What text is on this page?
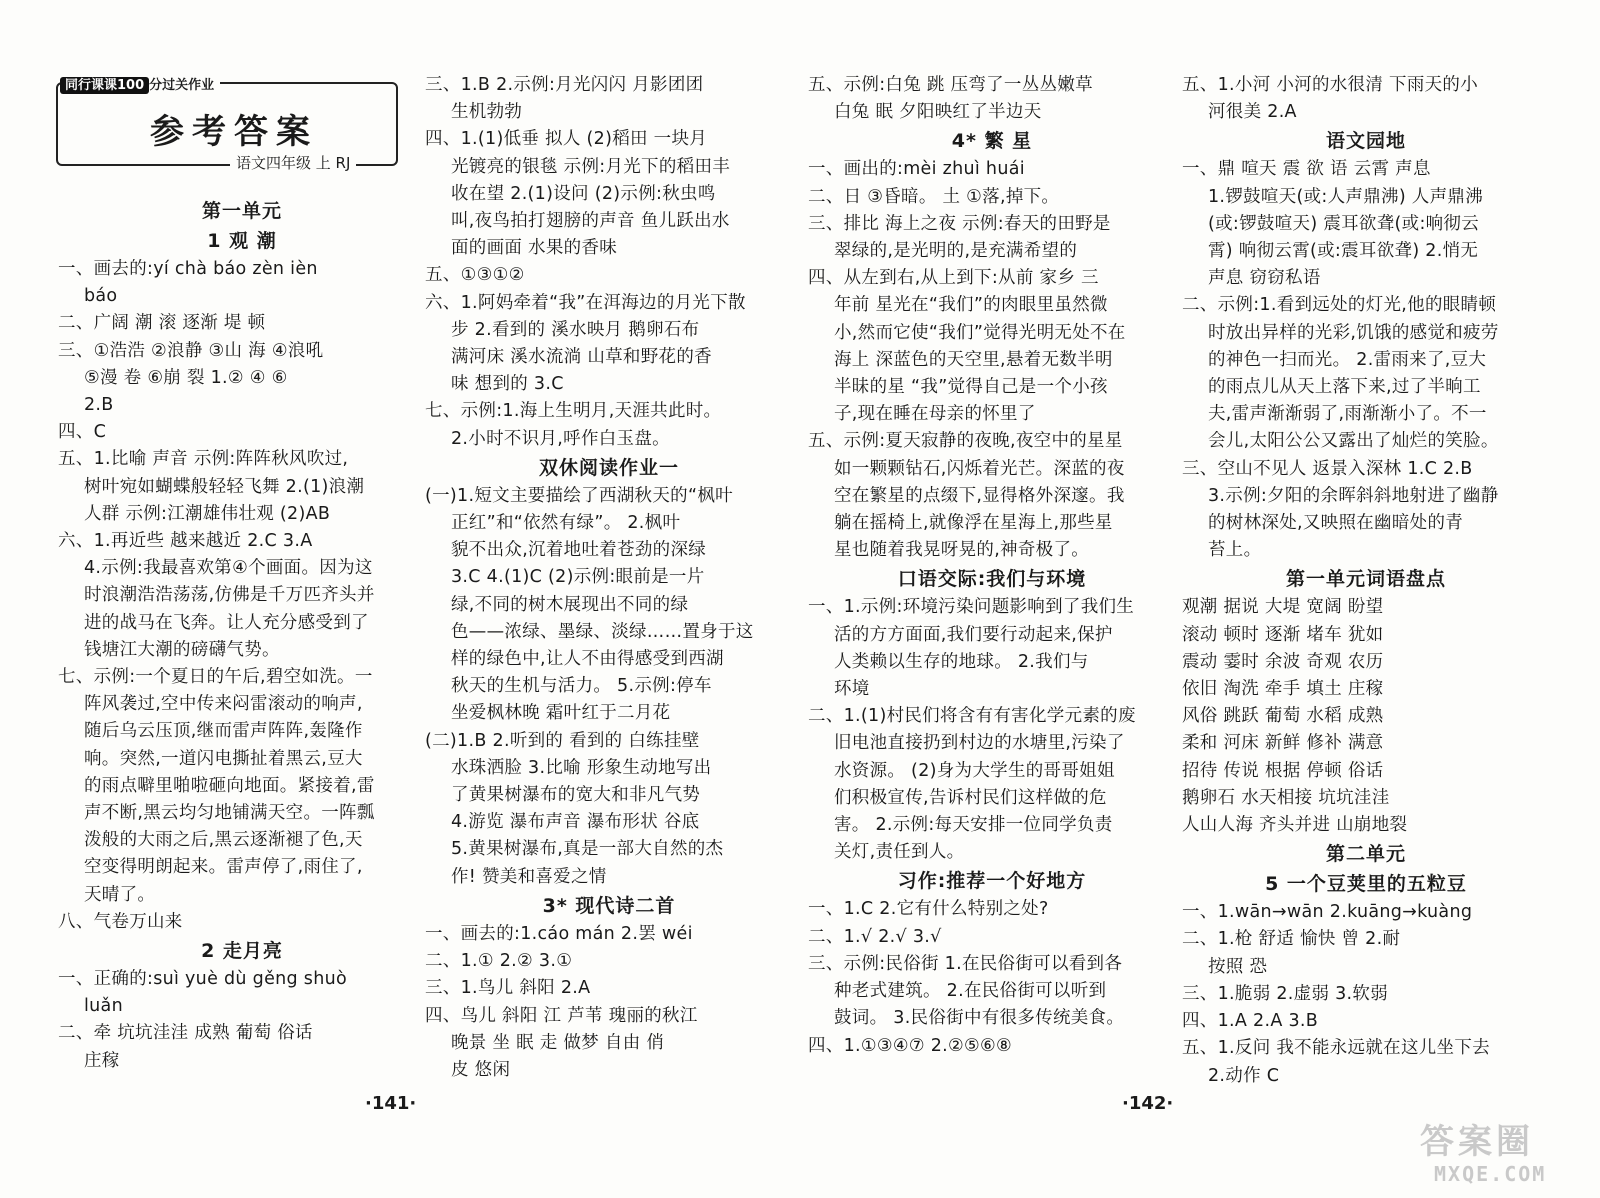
同行课课100 分过关作业
参考答案
语文四年级 上 RJ
第一单元
1 观 潮
一、画去的:yí chà báo zèn ièn
báo
二、广阔 潮 滚 逐渐 堤 顿
三、①浩浩 ②浪静 ③山 海 ④浪吼
⑤漫 卷 ⑥崩 裂 1.② ④ ⑥
2.B
四、C
五、1.比喻 声音 示例:阵阵秋风吹过,
树叶宛如蝴蝶般轻轻飞舞 2.(1)浪潮
人群 示例:江潮雄伟壮观 (2)AB
六、1.再近些 越来越近 2.C 3.A
4.示例:我最喜欢第④个画面。因为这
时浪潮浩浩荡荡,仿佛是千万匹齐头并
进的战马在飞奔。让人充分感受到了
钱塘江大潮的磅礴气势。
七、示例:一个夏日的午后,碧空如洗。一
阵风袭过,空中传来闷雷滚动的响声,
随后乌云压顶,继而雷声阵阵,轰隆作
响。突然,一道闪电撕扯着黑云,豆大
的雨点噼里啪啦砸向地面。紧接着,雷
声不断,黑云均匀地铺满天空。一阵瓢
泼般的大雨之后,黑云逐渐褪了色,天
空变得明朗起来。雷声停了,雨住了,
天晴了。
八、气卷万山来
2 走月亮
一、正确的:suì yuè dù gěng shuò
luǎn
二、牵 坑坑洼洼 成熟 葡萄 俗话
庄稼
三、1.B 2.示例:月光闪闪 月影团团
生机勃勃
四、1.(1)低垂 拟人 (2)稻田 一块月
光镀亮的银毯 示例:月光下的稻田丰
收在望 2.(1)设问 (2)示例:秋虫鸣
叫,夜鸟拍打翅膀的声音 鱼儿跃出水
面的画面 水果的香味
五、①③①②
六、1.阿妈牵着“我”在洱海边的月光下散
步 2.看到的 溪水映月 鹅卵石布
满河床 溪水流淌 山草和野花的香
味 想到的 3.C
七、示例:1.海上生明月,天涯共此时。
2.小时不识月,呼作白玉盘。
双休阅读作业一
(一)1.短文主要描绘了西湖秋天的“枫叶
正红”和“依然有绿”。 2.枫叶
貌不出众,沉着地吐着苍劲的深绿
3.C 4.(1)C (2)示例:眼前是一片
绿,不同的树木展现出不同的绿
色——浓绿、墨绿、淡绿……置身于这
样的绿色中,让人不由得感受到西湖
秋天的生机与活力。 5.示例:停车
坐爱枫林晚 霜叶红于二月花
(二)1.B 2.听到的 看到的 白练挂壁
水珠洒脸 3.比喻 形象生动地写出
了黄果树瀑布的宽大和非凡气势
4.游览 瀑布声音 瀑布形状 谷底
5.黄果树瀑布,真是一部大自然的杰
作! 赞美和喜爱之情
3* 现代诗二首
一、画去的:1.cáo mán 2.罢 wéi
二、1.① 2.② 3.①
三、1.鸟儿 斜阳 2.A
四、鸟儿 斜阳 江 芦苇 瑰丽的秋江
晚景 坐 眠 走 做梦 自由 俏
皮 悠闲
五、示例:白兔 跳 压弯了一丛丛嫩草
白兔 眠 夕阳映红了半边天
4* 繁 星
一、画出的:mèi zhuì huái
二、日 ③昏暗。 土 ①落,掉下。
三、排比 海上之夜 示例:春天的田野是
翠绿的,是光明的,是充满希望的
四、从左到右,从上到下:从前 家乡 三
年前 星光在“我们”的肉眼里虽然微
小,然而它使“我们”觉得光明无处不在
海上 深蓝色的天空里,悬着无数半明
半昧的星 “我”觉得自己是一个小孩
子,现在睡在母亲的怀里了
五、示例:夏天寂静的夜晚,夜空中的星星
如一颗颗钻石,闪烁着光芒。深蓝的夜
空在繁星的点缀下,显得格外深邃。我
躺在摇椅上,就像浮在星海上,那些星
星也随着我晃呀晃的,神奇极了。
口语交际:我们与环境
一、1.示例:环境污染问题影响到了我们生
活的方方面面,我们要行动起来,保护
人类赖以生存的地球。 2.我们与
环境
二、1.(1)村民们将含有有害化学元素的废
旧电池直接扔到村边的水塘里,污染了
水资源。 (2)身为大学生的哥哥姐姐
们积极宣传,告诉村民们这样做的危
害。 2.示例:每天安排一位同学负责
关灯,责任到人。
习作:推荐一个好地方
一、1.C 2.它有什么特别之处?
二、1.√ 2.√ 3.√
三、示例:民俗街 1.在民俗街可以看到各
种老式建筑。 2.在民俗街可以听到
鼓词。 3.民俗街中有很多传统美食。
四、1.①③④⑦ 2.②⑤⑥⑧
五、1.小河 小河的水很清 下雨天的小
河很美 2.A
语文园地
一、鼎 喧天 震 欲 语 云霄 声息
1.锣鼓喧天(或:人声鼎沸) 人声鼎沸
(或:锣鼓喧天) 震耳欲聋(或:响彻云
霄) 响彻云霄(或:震耳欲聋) 2.悄无
声息 窃窃私语
二、示例:1.看到远处的灯光,他的眼睛顿
时放出异样的光彩,饥饿的感觉和疲劳
的神色一扫而光。 2.雷雨来了,豆大
的雨点儿从天上落下来,过了半晌工
夫,雷声渐渐弱了,雨渐渐小了。不一
会儿,太阳公公又露出了灿烂的笑脸。
三、空山不见人 返景入深林 1.C 2.B
3.示例:夕阳的余晖斜斜地射进了幽静
的树林深处,又映照在幽暗处的青
苔上。
第一单元词语盘点
观潮 据说 大堤 宽阔 盼望
滚动 顿时 逐渐 堵车 犹如
震动 霎时 余波 奇观 农历
依旧 淘洗 牵手 填土 庄稼
风俗 跳跃 葡萄 水稻 成熟
柔和 河床 新鲜 修补 满意
招待 传说 根据 停顿 俗话
鹅卵石 水天相接 坑坑洼洼
人山人海 齐头并进 山崩地裂
第二单元
5 一个豆荚里的五粒豆
一、1.wān→wān 2.kuāng→kuàng
二、1.枪 舒适 愉快 曾 2.耐
按照 恐
三、1.脆弱 2.虚弱 3.软弱
四、1.A 2.A 3.B
五、1.反问 我不能永远就在这儿坐下去
2.动作 C
·141·	·142·
答案圈
MXQE.COM
